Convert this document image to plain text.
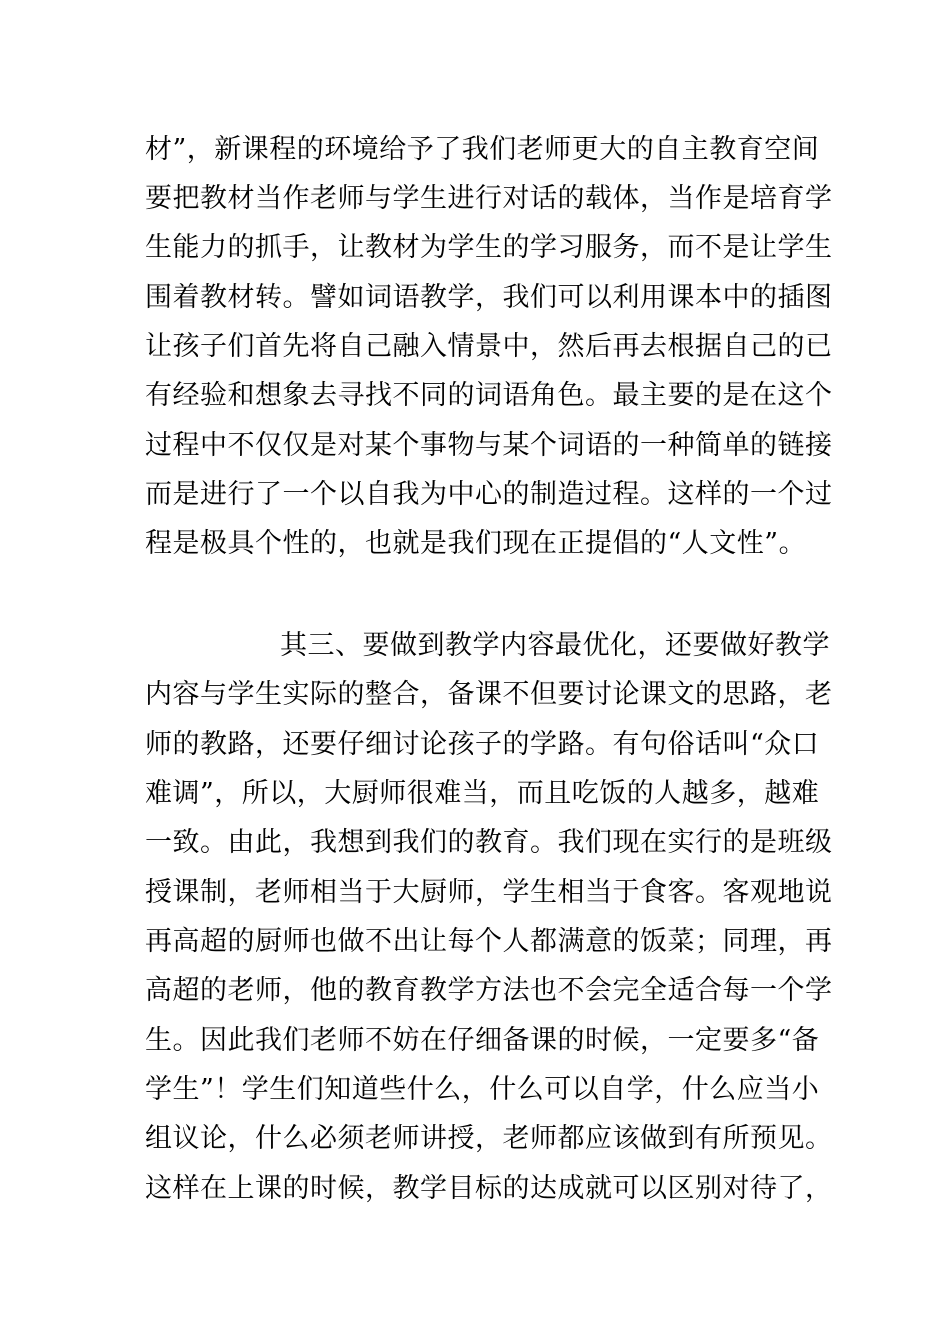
材”，新课程的环境给予了我们老师更大的自主教育空间
要把教材当作老师与学生进行对话的载体，当作是培育学
生能力的抓手，让教材为学生的学习服务，而不是让学生
围着教材转。譬如词语教学，我们可以利用课本中的插图
让孩子们首先将自己融入情景中，然后再去根据自己的已
有经验和想象去寻找不同的词语角色。最主要的是在这个
过程中不仅仅是对某个事物与某个词语的一种简单的链接
而是进行了一个以自我为中心的制造过程。这样的一个过
程是极具个性的，也就是我们现在正提倡的“人文性”。
其三、要做到教学内容最优化，还要做好教学
内容与学生实际的整合，备课不但要讨论课文的思路，老
师的教路，还要仔细讨论孩子的学路。有句俗话叫“众口
难调”，所以，大厨师很难当，而且吃饭的人越多，越难
一致。由此，我想到我们的教育。我们现在实行的是班级
授课制，老师相当于大厨师，学生相当于食客。客观地说
再高超的厨师也做不出让每个人都满意的饭菜；同理，再
高超的老师，他的教育教学方法也不会完全适合每一个学
生。因此我们老师不妨在仔细备课的时候，一定要多“备
学生”！学生们知道些什么，什么可以自学，什么应当小
组议论，什么必须老师讲授，老师都应该做到有所预见。
这样在上课的时候，教学目标的达成就可以区别对待了，
